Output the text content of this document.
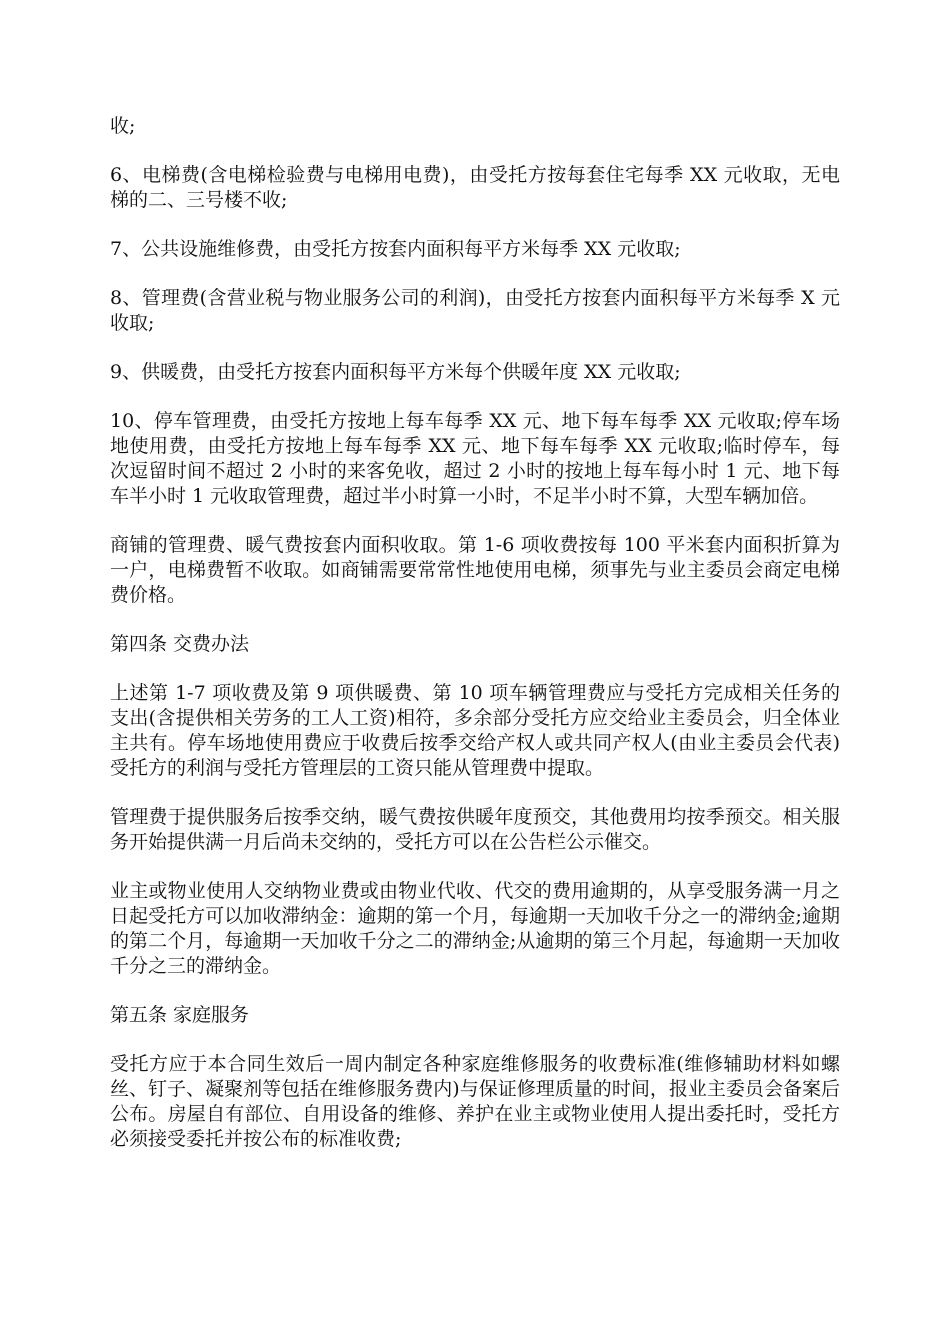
收;

6、电梯费(含电梯检验费与电梯用电费)，由受托方按每套住宅每季 XX 元收取，无电梯的二、三号楼不收;

7、公共设施维修费，由受托方按套内面积每平方米每季 XX 元收取;

8、管理费(含营业税与物业服务公司的利润)，由受托方按套内面积每平方米每季 X 元收取;

9、供暖费，由受托方按套内面积每平方米每个供暖年度 XX 元收取;

10、停车管理费，由受托方按地上每车每季 XX 元、地下每车每季 XX 元收取;停车场地使用费，由受托方按地上每车每季 XX 元、地下每车每季 XX 元收取;临时停车，每次逗留时间不超过 2 小时的来客免收，超过 2 小时的按地上每车每小时 1 元、地下每车半小时 1 元收取管理费，超过半小时算一小时，不足半小时不算，大型车辆加倍。

商铺的管理费、暖气费按套内面积收取。第 1-6 项收费按每 100 平米套内面积折算为一户，电梯费暂不收取。如商铺需要常常性地使用电梯，须事先与业主委员会商定电梯费价格。

第四条 交费办法

上述第 1-7 项收费及第 9 项供暖费、第 10 项车辆管理费应与受托方完成相关任务的支出(含提供相关劳务的工人工资)相符，多余部分受托方应交给业主委员会，归全体业主共有。停车场地使用费应于收费后按季交给产权人或共同产权人(由业主委员会代表)受托方的利润与受托方管理层的工资只能从管理费中提取。

管理费于提供服务后按季交纳，暖气费按供暖年度预交，其他费用均按季预交。相关服务开始提供满一月后尚未交纳的，受托方可以在公告栏公示催交。

业主或物业使用人交纳物业费或由物业代收、代交的费用逾期的，从享受服务满一月之日起受托方可以加收滞纳金：逾期的第一个月，每逾期一天加收千分之一的滞纳金;逾期的第二个月，每逾期一天加收千分之二的滞纳金;从逾期的第三个月起，每逾期一天加收千分之三的滞纳金。

第五条 家庭服务

受托方应于本合同生效后一周内制定各种家庭维修服务的收费标准(维修辅助材料如螺丝、钉子、凝聚剂等包括在维修服务费内)与保证修理质量的时间，报业主委员会备案后公布。房屋自有部位、自用设备的维修、养护在业主或物业使用人提出委托时，受托方必须接受委托并按公布的标准收费;
